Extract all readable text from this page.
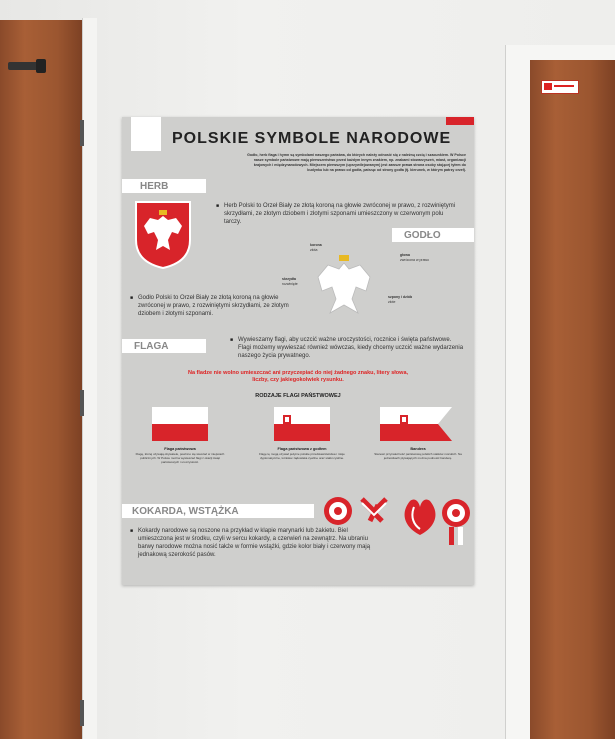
POLSKIE SYMBOLE NARODOWE
Godło, herb flaga i hymn są symbolami naszego państwa, do których należy odnosić się z należną czcią i szacunkiem. W Polsce nasze symbole państwowe mają pierwszeństwo przed każdym innym znakiem, np. znakami stowarzyszeń, miast, organizacji krajowych i międzynarodowych. Miejscem pierwszym (uprzywilejowanym) jest zawsze prawa strona osoby stojącej tyłem do budynku lub na prawo od godła, patrząc od strony godła (tj. kierunek, w którym patrzy orzeł).
HERB
■ Herb Polski to Orzeł Biały ze złotą koroną na głowie zwróconej w prawo, z rozwiniętymi skrzydłami, ze złotym dziobem i złotymi szponami umieszczony w czerwonym polu tarczy.
GODŁO
korona
złota
głowa
zwrócona w prawo
skrzydła
rozwinięte
szpony i dziób
złote
■ Godło Polski to Orzeł Biały ze złotą koroną na głowie zwróconej w prawo, z rozwiniętymi skrzydłami, ze złotym dziobem i złotymi szponami.
FLAGA
■ Wywieszamy flagi, aby uczcić ważne uroczystości, rocznice i święta państwowe. Flagi możemy wywieszać również wówczas, kiedy chcemy uczcić ważne wydarzenia naszego życia prywatnego.
Na fladze nie wolno umieszczać ani przyczepiać do niej żadnego znaku, litery słowa, liczby, czy jakiegokolwiek rysunku.
RODZAJE FLAGI PAŃSTWOWEJ
Flaga państwowa
Flagę, której używają obywatele, powinno się wieszać w miejscach publicznych. W Polsce można wywieszać flagi z okazji świąt państwowych i uroczystości.
Flaga państwowa z godłem
Flagę tę mogą używać jedynie polskie przedstawicielstwa i misje dyplomatyczne, lotniska i lądowiska cywilne oraz statki cywilne.
Bandera
Stanowi przynależność państwową polskich statków morskich. Na jednostkach pływających można podnosić banderę.
KOKARDA, WSTĄŻKA
■ Kokardy narodowe są noszone na przykład w klapie marynarki lub żakietu. Biel umieszczona jest w środku, czyli w sercu kokardy, a czerwień na zewnątrz. Na ubraniu barwy narodowe można nosić także w formie wstążki, gdzie kolor biały i czerwony mają jednakową szerokość pasów.
